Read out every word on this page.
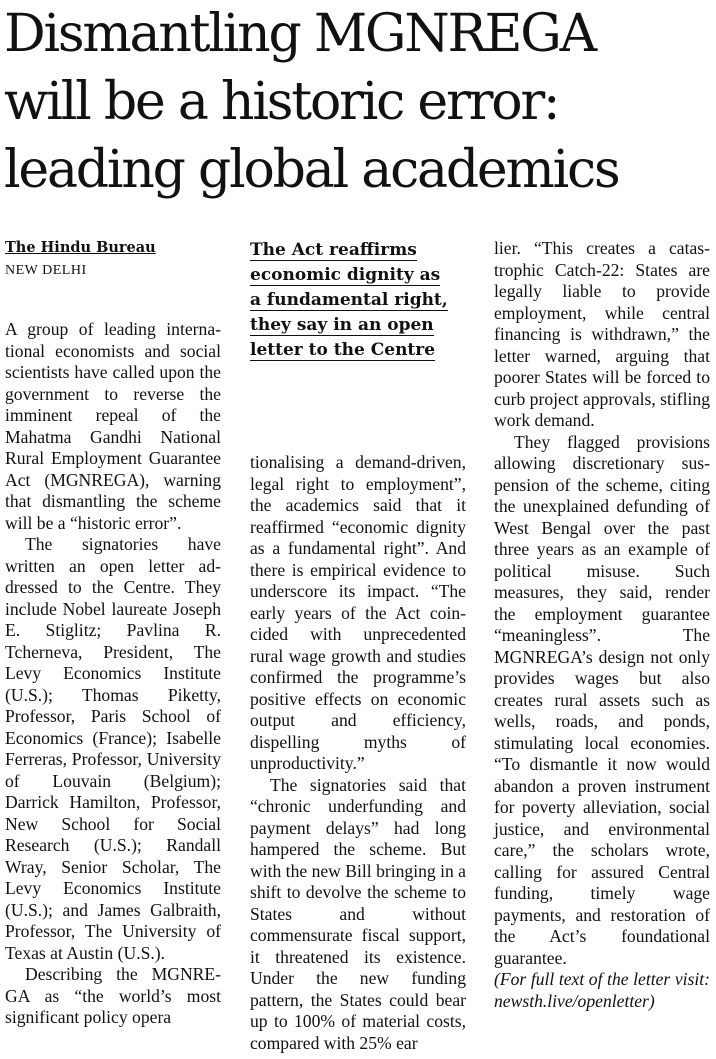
Dismantling MGNREGA
will be a historic error:
leading global academics
The Hindu Bureau
NEW DELHI

A group of leading international economists and social scientists have called upon the government to reverse the imminent repeal of the Mahatma Gandhi National Rural Employment Guarantee Act (MGNREGA), warning that dismantling the scheme will be a “historic error”.

The signatories have written an open letter addressed to the Centre. They include Nobel laureate Joseph E. Stiglitz; Pavlina R. Tcherneva, President, The Levy Economics Institute (U.S.); Thomas Piketty, Professor, Paris School of Economics (France); Isabelle Ferreras, Professor, University of Louvain (Belgium); Darrick Hamilton, Professor, New School for Social Research (U.S.); Randall Wray, Senior Scholar, The Levy Economics Institute (U.S.); and James Galbraith, Professor, The University of Texas at Austin (U.S.).

Describing the MGNREGA as “the world’s most significant policy opera

The Act reaffirms
economic dignity as
a fundamental right,
they say in an open
letter to the Centre

tionalising a demand-driven, legal right to employment”, the academics said that it reaffirmed “economic dignity as a fundamental right”. And there is empirical evidence to underscore its impact. “The early years of the Act coincided with unprecedented rural wage growth and studies confirmed the programme’s positive effects on economic output and efficiency, dispelling myths of unproductivity.”

The signatories said that “chronic underfunding and payment delays” had long hampered the scheme. But with the new Bill bringing in a shift to devolve the scheme to States and without commensurate fiscal support, it threatened its existence. Under the new funding pattern, the States could bear up to 100% of material costs, compared with 25% ear

lier. “This creates a catastrophic Catch-22: States are legally liable to provide employment, while central financing is withdrawn,” the letter warned, arguing that poorer States will be forced to curb project approvals, stifling work demand.

They flagged provisions allowing discretionary suspension of the scheme, citing the unexplained defunding of West Bengal over the past three years as an example of political misuse. Such measures, they said, render the employment guarantee “meaningless”. The MGNREGA’s design not only provides wages but also creates rural assets such as wells, roads, and ponds, stimulating local economies. “To dismantle it now would abandon a proven instrument for poverty alleviation, social justice, and environmental care,” the scholars wrote, calling for assured Central funding, timely wage payments, and restoration of the Act’s foundational guarantee.

(For full text of the letter visit: newsth.live/openletter)
